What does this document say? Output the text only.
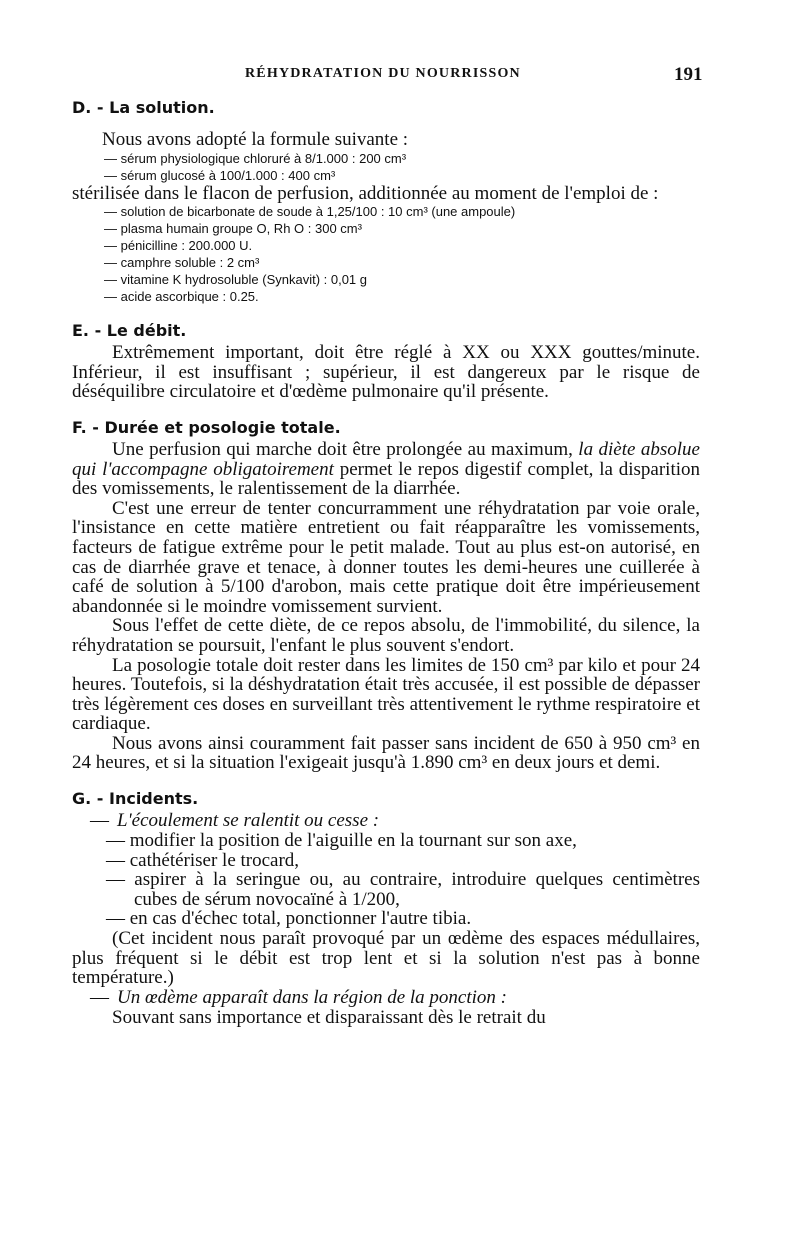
RÉHYDRATATION DU NOURRISSON	191
D. - La solution.

Nous avons adopté la formule suivante :

— sérum physiologique chloruré à 8/1.000 : 200 cm³
— sérum glucosé à 100/1.000 : 400 cm³

stérilisée dans le flacon de perfusion, additionnée au moment de l'emploi de :

— solution de bicarbonate de soude à 1,25/100 : 10 cm³ (une ampoule)
— plasma humain groupe O, Rh O : 300 cm³
— pénicilline : 200.000 U.
— camphre soluble : 2 cm³
— vitamine K hydrosoluble (Synkavit) : 0,01 g
— acide ascorbique : 0.25.
E. - Le débit.

Extrêmement important, doit être réglé à XX ou XXX gouttes/minute. Inférieur, il est insuffisant ; supérieur, il est dangereux par le risque de déséquilibre circulatoire et d'œdème pulmonaire qu'il présente.

F. - Durée et posologie totale.

Une perfusion qui marche doit être prolongée au maximum, la diète absolue qui l'accompagne obligatoirement permet le repos digestif complet, la disparition des vomissements, le ralentissement de la diarrhée.

C'est une erreur de tenter concurramment une réhydratation par voie orale, l'insistance en cette matière entretient ou fait réapparaître les vomissements, facteurs de fatigue extrême pour le petit malade. Tout au plus est-on autorisé, en cas de diarrhée grave et tenace, à donner toutes les demi-heures une cuillerée à café de solution à 5/100 d'arobon, mais cette pratique doit être impérieusement abandonnée si le moindre vomissement survient.

Sous l'effet de cette diète, de ce repos absolu, de l'immobilité, du silence, la réhydratation se poursuit, l'enfant le plus souvent s'endort.

La posologie totale doit rester dans les limites de 150 cm³ par kilo et pour 24 heures. Toutefois, si la déshydratation était très accusée, il est possible de dépasser très légèrement ces doses en surveillant très attentivement le rythme respiratoire et cardiaque.

Nous avons ainsi couramment fait passer sans incident de 650 à 950 cm³ en 24 heures, et si la situation l'exigeait jusqu'à 1.890 cm³ en deux jours et demi.

G. - Incidents.
— L'écoulement se ralentit ou cesse :
— modifier la position de l'aiguille en la tournant sur son axe,
— cathétériser le trocard,
— aspirer à la seringue ou, au contraire, introduire quelques centimètres cubes de sérum novocaïné à 1/200,
— en cas d'échec total, ponctionner l'autre tibia.

(Cet incident nous paraît provoqué par un œdème des espaces médullaires, plus fréquent si le débit est trop lent et si la solution n'est pas à bonne température.)

— Un œdème apparaît dans la région de la ponction :

Souvant sans importance et disparaissant dès le retrait du
